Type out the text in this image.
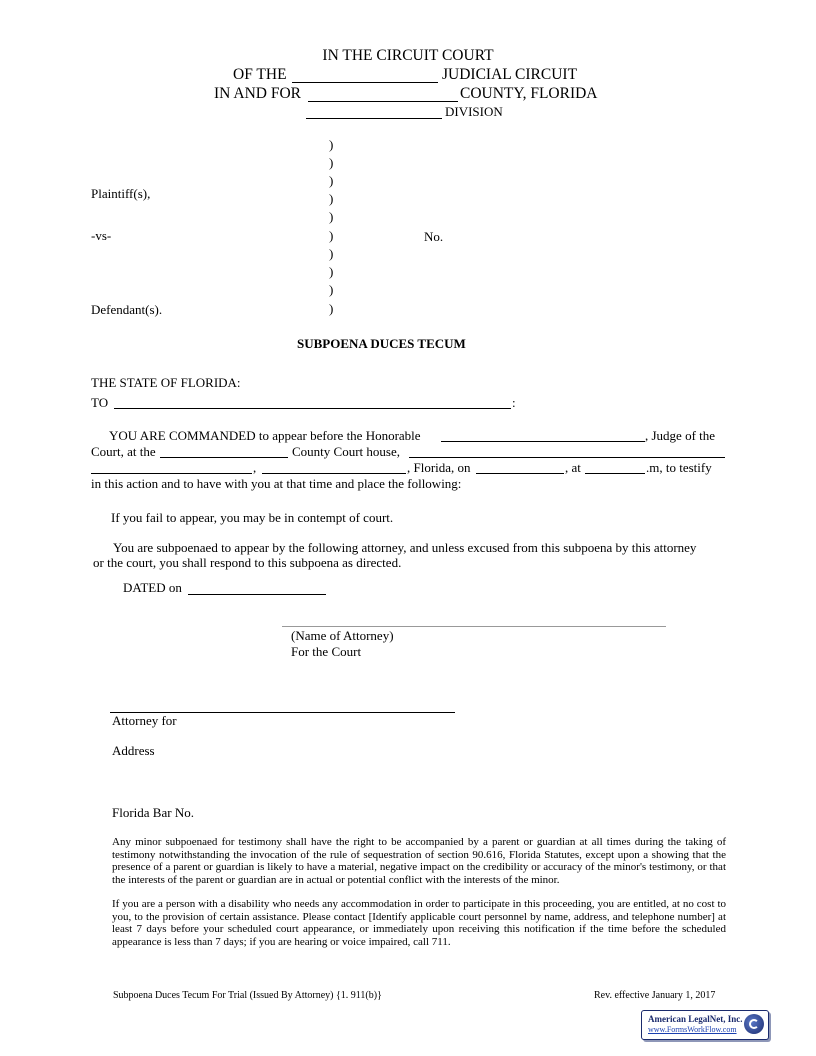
IN THE CIRCUIT COURT
OF THE	JUDICIAL CIRCUIT
IN AND FOR	COUNTY, FLORIDA
DIVISION
)
)
)
)
)
)
)
)
)
)
Plaintiff(s),
-vs-
Defendant(s).
No.
SUBPOENA DUCES TECUM
THE STATE OF FLORIDA:
TO	:
YOU ARE COMMANDED to appear before the Honorable	, Judge of the
Court, at the	County Court house,
,	, Florida, on	, at	.m, to testify
in this action and to have with you at that time and place the following:
If you fail to appear, you may be in contempt of court.
You are subpoenaed to appear by the following attorney, and unless excused from this subpoena by this attorney
or the court, you shall respond to this subpoena as directed.
DATED on
(Name of Attorney)
For the Court
Attorney for
Address
Florida Bar No.
Any minor subpoenaed for testimony shall have the right to be accompanied by a parent or guardian at all times during the taking of testimony notwithstanding the invocation of the rule of sequestration of section 90.616, Florida Statutes, except upon a showing that the presence of a parent or guardian is likely to have a material, negative impact on the credibility or accuracy of the minor's testimony, or that the interests of the parent or guardian are in actual or potential conflict with the interests of the minor.
If you are a person with a disability who needs any accommodation in order to participate in this proceeding, you are entitled, at no cost to you, to the provision of certain assistance. Please contact [Identify applicable court personnel by name, address, and telephone number] at least 7 days before your scheduled court appearance, or immediately upon receiving this notification if the time before the scheduled appearance is less than 7 days; if you are hearing or voice impaired, call 711.
Subpoena Duces Tecum For Trial (Issued By Attorney) {1. 911(b)}	Rev. effective January 1, 2017
American LegalNet, Inc.
www.FormsWorkFlow.com
